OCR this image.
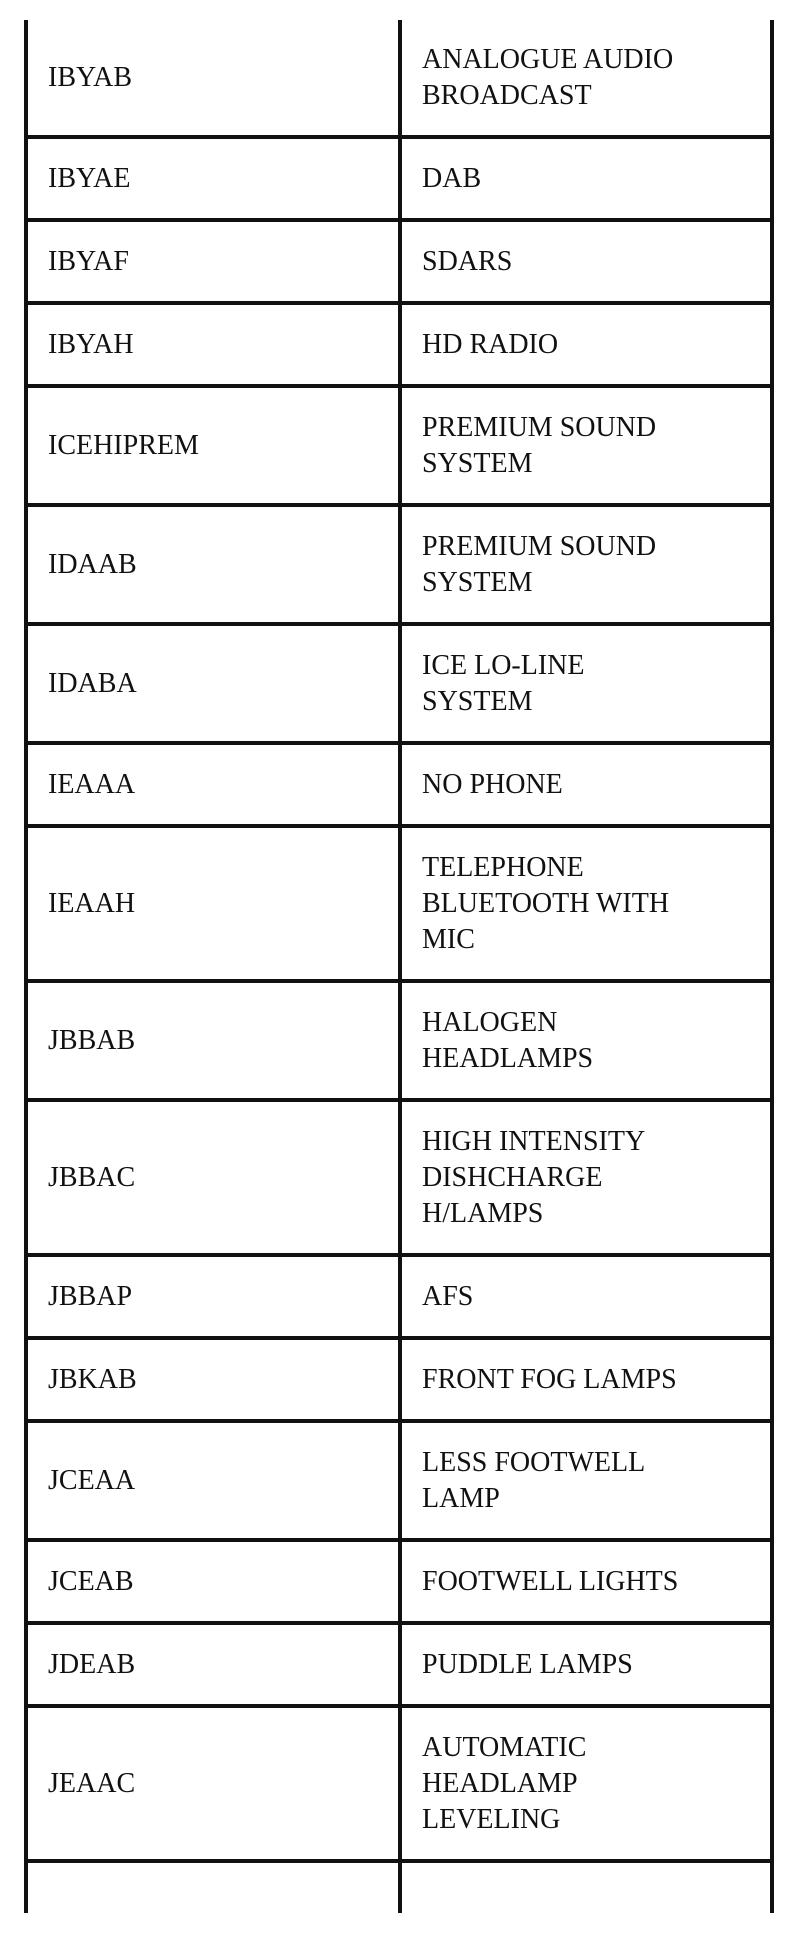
IBYAB	ANALOGUE AUDIO
BROADCAST
IBYAE	DAB
IBYAF	SDARS
IBYAH	HD RADIO
ICEHIPREM	PREMIUM SOUND
SYSTEM
IDAAB	PREMIUM SOUND
SYSTEM
IDABA	ICE LO-LINE
SYSTEM
IEAAA	NO PHONE
IEAAH	TELEPHONE
BLUETOOTH WITH
MIC
JBBAB	HALOGEN
HEADLAMPS
JBBAC	HIGH INTENSITY
DISHCHARGE
H/LAMPS
JBBAP	AFS
JBKAB	FRONT FOG LAMPS
JCEAA	LESS FOOTWELL
LAMP
JCEAB	FOOTWELL LIGHTS
JDEAB	PUDDLE LAMPS
JEAAC	AUTOMATIC
HEADLAMP
LEVELING
